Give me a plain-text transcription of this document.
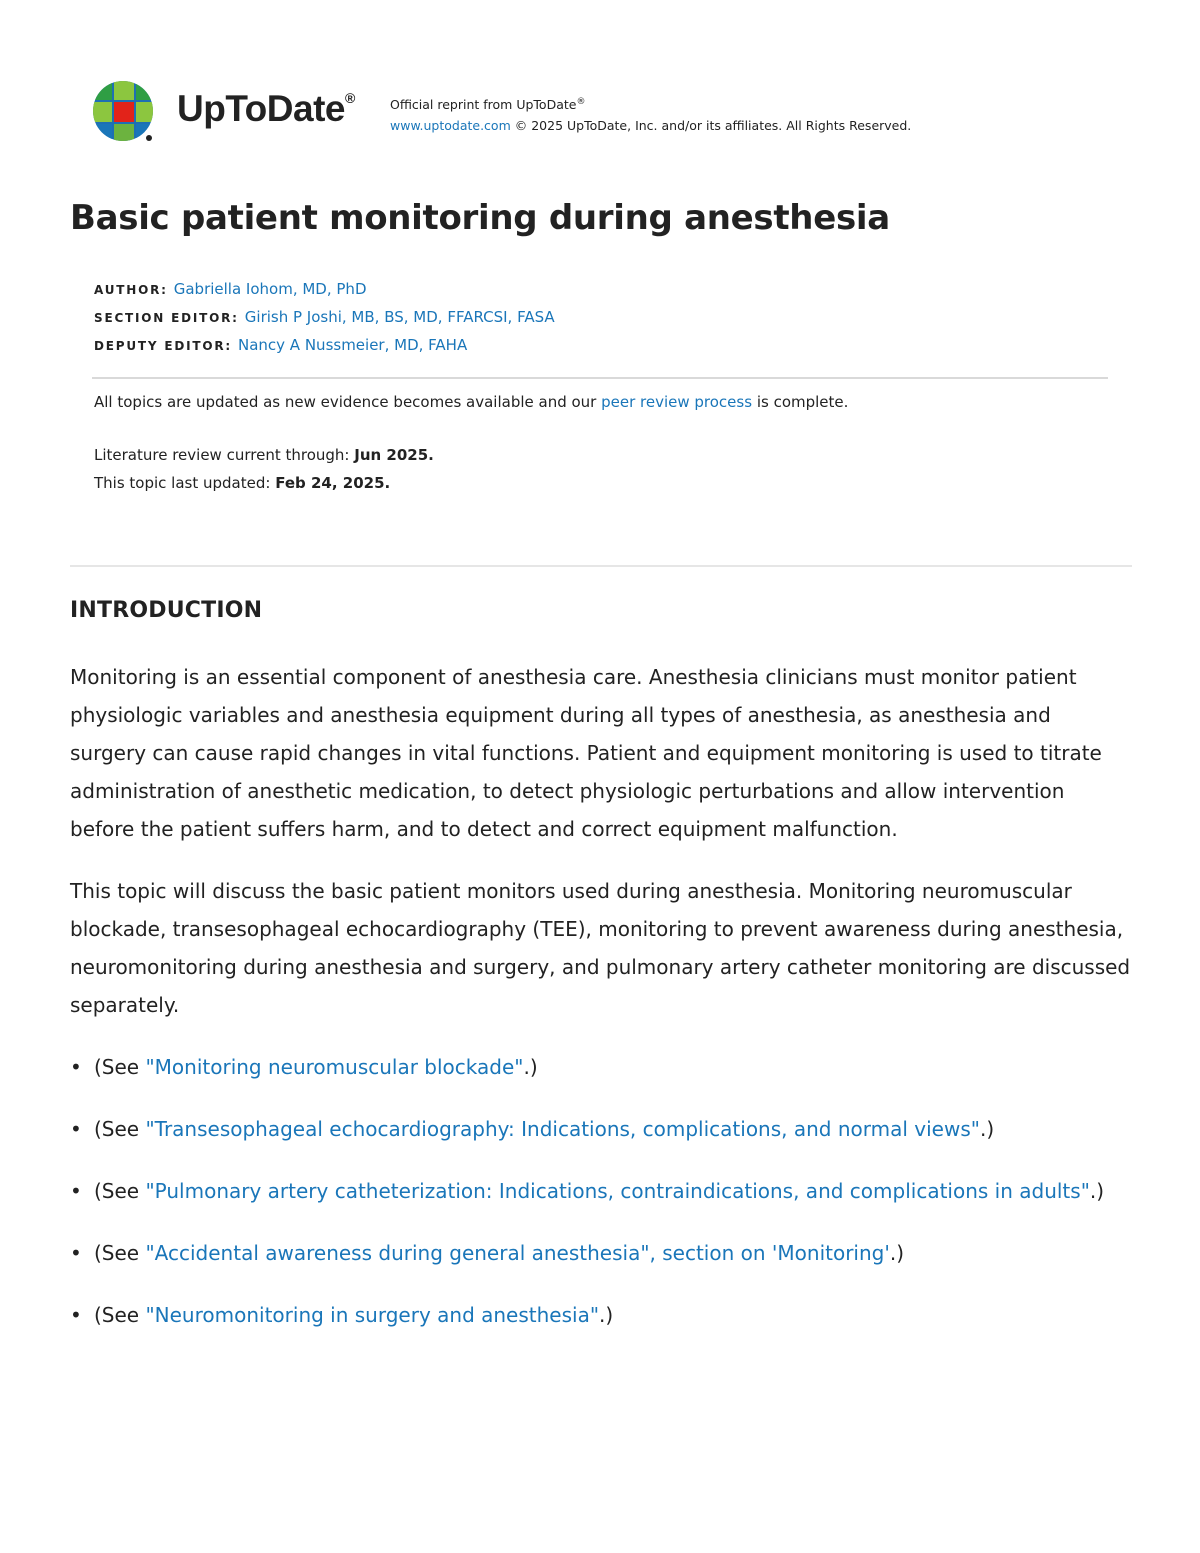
UpToDate®	Official reprint from UpToDate®
www.uptodate.com © 2025 UpToDate, Inc. and/or its affiliates. All Rights Reserved.
Basic patient monitoring during anesthesia
AUTHOR: Gabriella Iohom, MD, PhD
SECTION EDITOR: Girish P Joshi, MB, BS, MD, FFARCSI, FASA
DEPUTY EDITOR: Nancy A Nussmeier, MD, FAHA
All topics are updated as new evidence becomes available and our peer review process is complete.
Literature review current through: Jun 2025.
This topic last updated: Feb 24, 2025.
INTRODUCTION

Monitoring is an essential component of anesthesia care. Anesthesia clinicians must monitor patient physiologic variables and anesthesia equipment during all types of anesthesia, as anesthesia and surgery can cause rapid changes in vital functions. Patient and equipment monitoring is used to titrate administration of anesthetic medication, to detect physiologic perturbations and allow intervention before the patient suffers harm, and to detect and correct equipment malfunction.

This topic will discuss the basic patient monitors used during anesthesia. Monitoring neuromuscular blockade, transesophageal echocardiography (TEE), monitoring to prevent awareness during anesthesia, neuromonitoring during anesthesia and surgery, and pulmonary artery catheter monitoring are discussed separately.

• (See "Monitoring neuromuscular blockade".)
• (See "Transesophageal echocardiography: Indications, complications, and normal views".)
• (See "Pulmonary artery catheterization: Indications, contraindications, and complications in adults".)
• (See "Accidental awareness during general anesthesia", section on 'Monitoring'.)
• (See "Neuromonitoring in surgery and anesthesia".)
